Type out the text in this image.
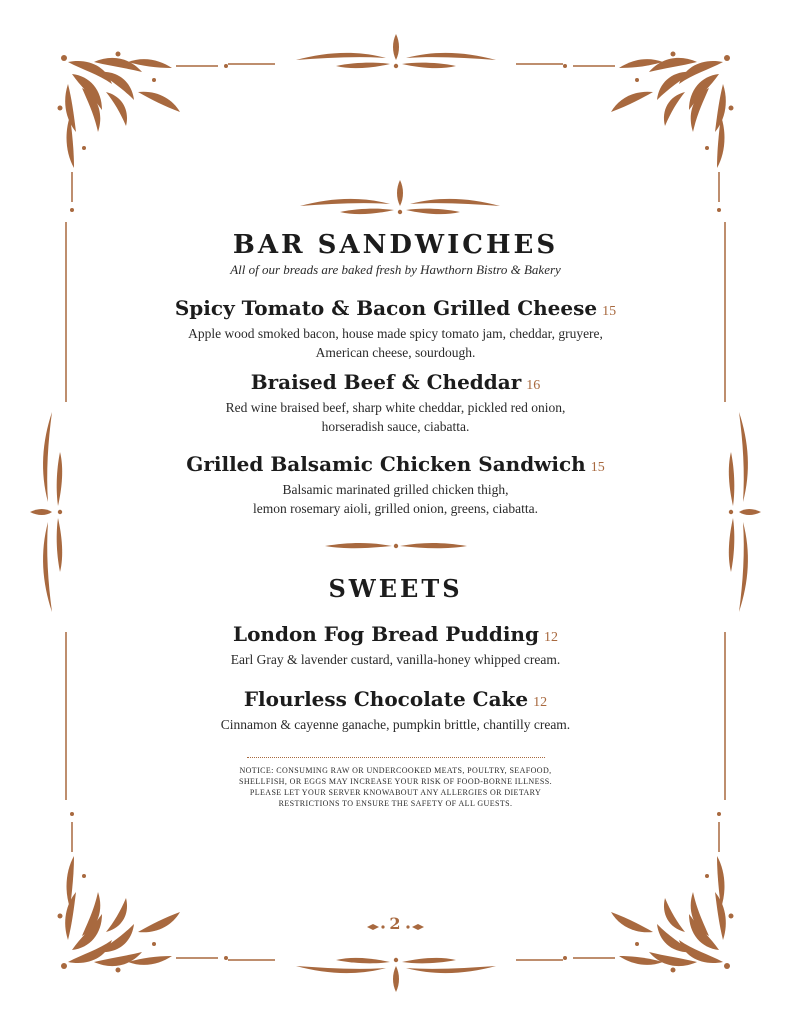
BAR SANDWICHES
All of our breads are baked fresh by Hawthorn Bistro & Bakery
Spicy Tomato & Bacon Grilled Cheese 15
Apple wood smoked bacon, house made spicy tomato jam, cheddar, gruyere,
American cheese, sourdough.
Braised Beef & Cheddar 16
Red wine braised beef, sharp white cheddar, pickled red onion,
horseradish sauce, ciabatta.
Grilled Balsamic Chicken Sandwich 15
Balsamic marinated grilled chicken thigh,
lemon rosemary aioli, grilled onion, greens, ciabatta.
SWEETS
London Fog Bread Pudding 12
Earl Gray & lavender custard, vanilla-honey whipped cream.
Flourless Chocolate Cake 12
Cinnamon & cayenne ganache, pumpkin brittle, chantilly cream.
NOTICE: CONSUMING RAW OR UNDERCOOKED MEATS, POULTRY, SEAFOOD,
SHELLFISH, OR EGGS MAY INCREASE YOUR RISK OF FOOD-BORNE ILLNESS.
PLEASE LET YOUR SERVER KNOWABOUT ANY ALLERGIES OR DIETARY
RESTRICTIONS TO ENSURE THE SAFETY OF ALL GUESTS.
2
